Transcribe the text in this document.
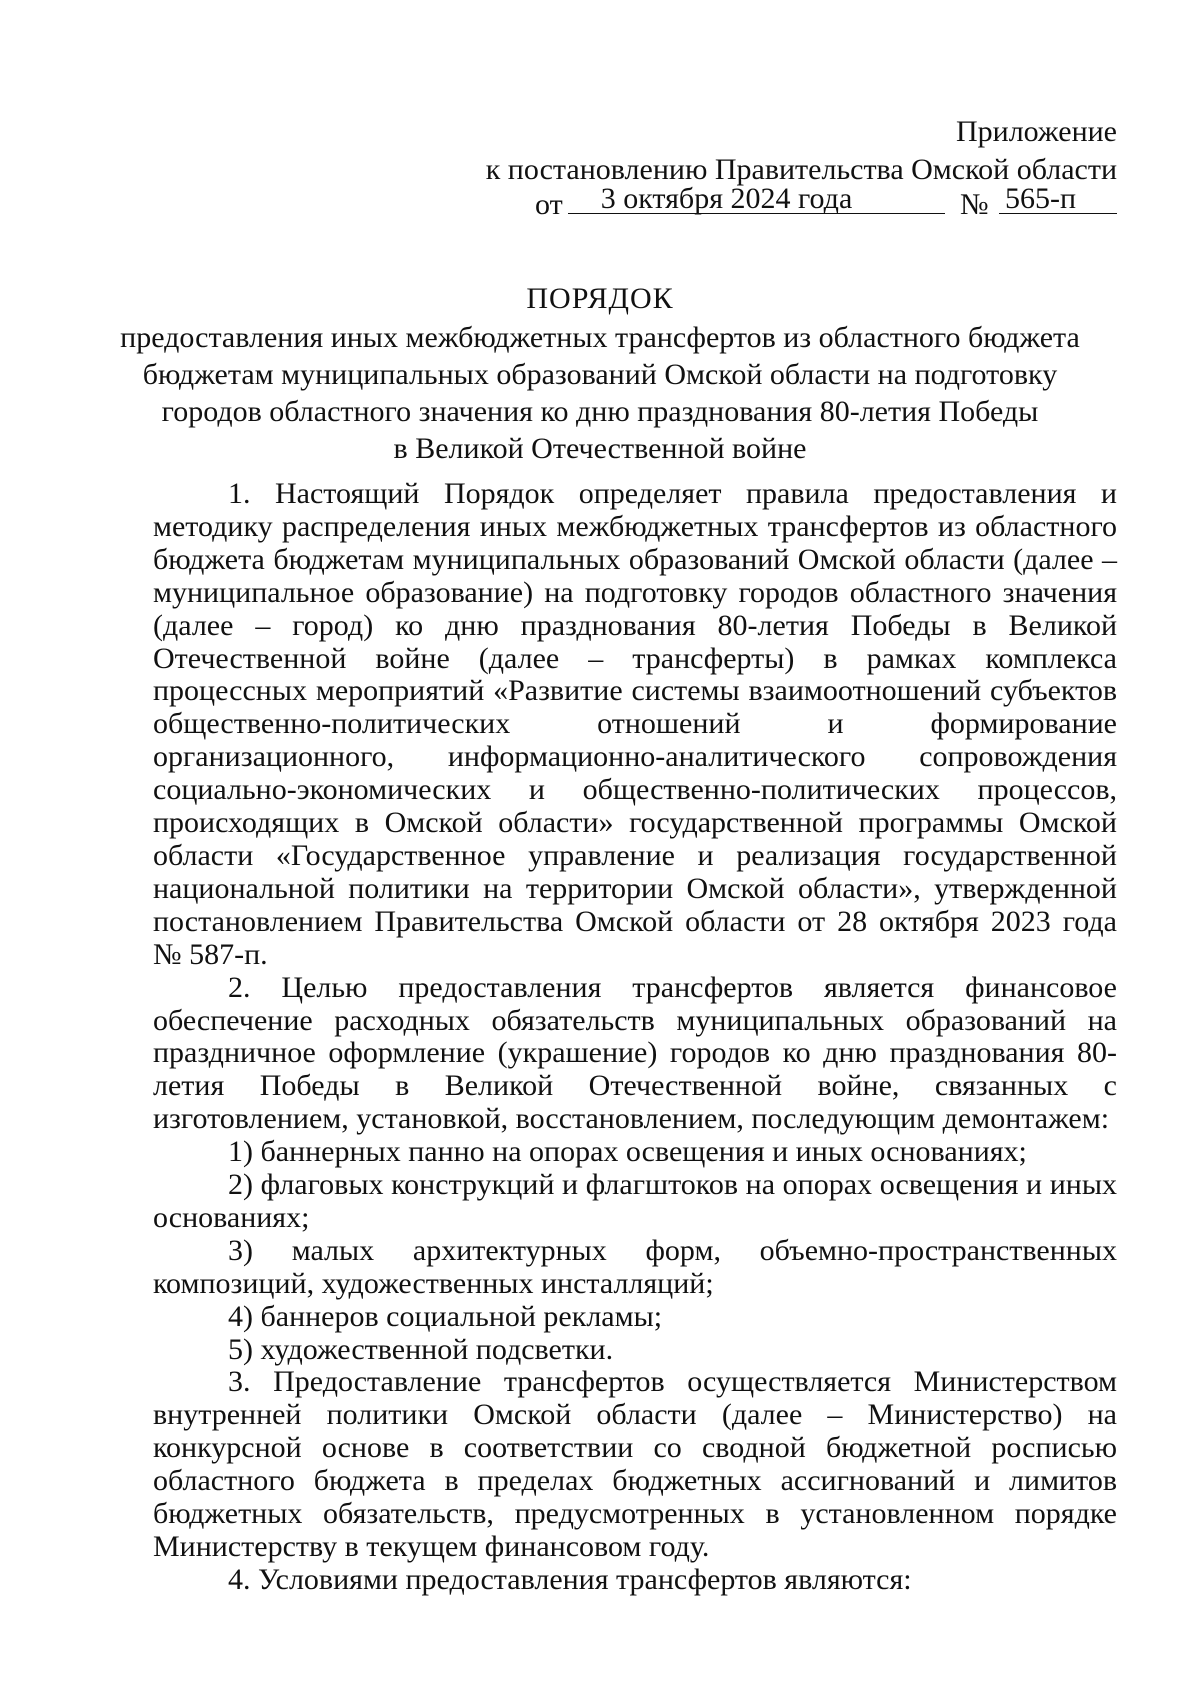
Приложение
к постановлению Правительства Омской области
от	3 октября 2024 года	№ 565-п
ПОРЯДОК
предоставления иных межбюджетных трансфертов из областного бюджета
бюджетам муниципальных образований Омской области на подготовку
городов областного значения ко дню празднования 80-летия Победы
в Великой Отечественной войне

1. Настоящий Порядок определяет правила предоставления и методику распределения иных межбюджетных трансфертов из областного бюджета бюджетам муниципальных образований Омской области (далее – муниципальное образование) на подготовку городов областного значения (далее – город) ко дню празднования 80-летия Победы в Великой Отечественной войне (далее – трансферты) в рамках комплекса процессных мероприятий «Развитие системы взаимоотношений субъектов общественно-политических отношений и формирование организационного, информационно-аналитического сопровождения социально-экономических и общественно-политических процессов, происходящих в Омской области» государственной программы Омской области «Государственное управление и реализация государственной национальной политики на территории Омской области», утвержденной постановлением Правительства Омской области от 28 октября 2023 года № 587-п.

2. Целью предоставления трансфертов является финансовое обеспечение расходных обязательств муниципальных образований на праздничное оформление (украшение) городов ко дню празднования 80-летия Победы в Великой Отечественной войне, связанных с изготовлением, установкой, восстановлением, последующим демонтажем:

1) баннерных панно на опорах освещения и иных основаниях;

2) флаговых конструкций и флагштоков на опорах освещения и иных основаниях;

3) малых архитектурных форм, объемно-пространственных композиций, художественных инсталляций;

4) баннеров социальной рекламы;

5) художественной подсветки.

3. Предоставление трансфертов осуществляется Министерством внутренней политики Омской области (далее – Министерство) на конкурсной основе в соответствии со сводной бюджетной росписью областного бюджета в пределах бюджетных ассигнований и лимитов бюджетных обязательств, предусмотренных в установленном порядке Министерству в текущем финансовом году.

4. Условиями предоставления трансфертов являются:
